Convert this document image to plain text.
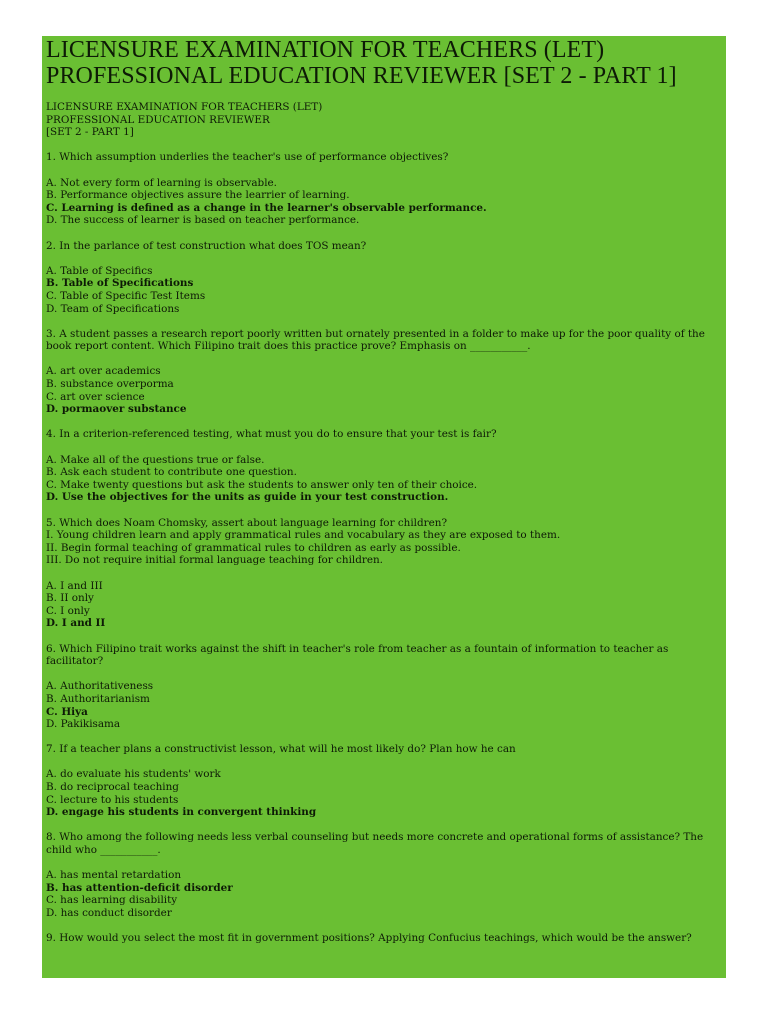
LICENSURE EXAMINATION FOR TEACHERS (LET) PROFESSIONAL EDUCATION REVIEWER [SET 2 - PART 1]
LICENSURE EXAMINATION FOR TEACHERS (LET)
PROFESSIONAL EDUCATION REVIEWER
[SET 2 - PART 1]
1. Which assumption underlies the teacher's use of performance objectives?
A. Not every form of learning is observable.
B. Performance objectives assure the learrier of learning.
C. Learning is defined as a change in the learner's observable performance.
D. The success of learner is based on teacher performance.
2. In the parlance of test construction what does TOS mean?
A. Table of Specifics
B. Table of Specifications
C. Table of Specific Test Items
D. Team of Specifications
3. A student passes a research report poorly written but ornately presented in a folder to make up for the poor quality of the book report content. Which Filipino trait does this practice prove? Emphasis on ___________.
A. art over academics
B. substance overporma
C. art over science
D. pormaover substance
4. In a criterion-referenced testing, what must you do to ensure that your test is fair?
A. Make all of the questions true or false.
B. Ask each student to contribute one question.
C. Make twenty questions but ask the students to answer only ten of their choice.
D. Use the objectives for the units as guide in your test construction.
5. Which does Noam Chomsky, assert about language learning for children?
I. Young children learn and apply grammatical rules and vocabulary as they are exposed to them.
II. Begin formal teaching of grammatical rules to children as early as possible.
III. Do not require initial formal language teaching for children.
A. I and III
B. II only
C. I only
D. I and II
6. Which Filipino trait works against the shift in teacher's role from teacher as a fountain of information to teacher as facilitator?
A. Authoritativeness
B. Authoritarianism
C. Hiya
D. Pakikisama
7. If a teacher plans a constructivist lesson, what will he most likely do? Plan how he can
A. do evaluate his students' work
B. do reciprocal teaching
C. lecture to his students
D. engage his students in convergent thinking
8. Who among the following needs less verbal counseling but needs more concrete and operational forms of assistance? The child who ___________.
A. has mental retardation
B. has attention-deficit disorder
C. has learning disability
D. has conduct disorder
9. How would you select the most fit in government positions? Applying Confucius teachings, which would be the answer?
